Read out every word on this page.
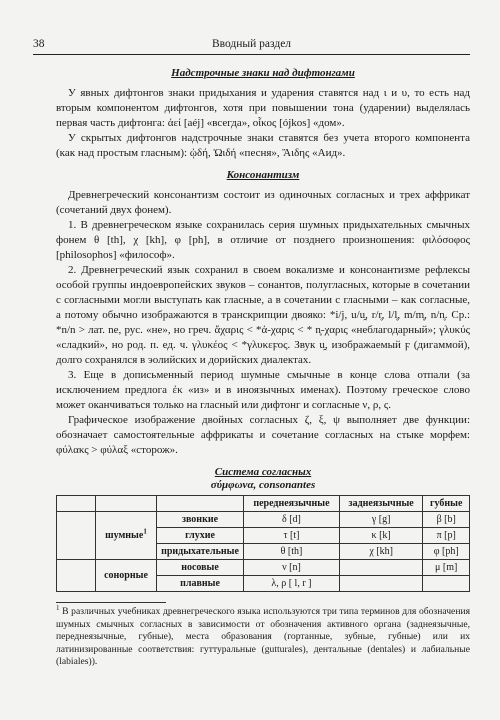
38	Вводный раздел
Надстрочные знаки над дифтонгами

У явных дифтонгов знаки придыхания и ударения ставятся над ι и υ, то есть над вторым компонентом дифтонгов, хотя при повышении тона (ударении) выделялась первая часть дифтонга: ἀεί [aéj] «всегда», οἶκος [ójkos] «дом».

У скрытых дифтонгов надстрочные знаки ставятся без учета второго компонента (как над простым гласным): ᾠδή, Ὠιδή «песня», Ἅιδης «Аид».

Консонантизм

Древнегреческий консонантизм состоит из одиночных согласных и трех аффрикат (сочетаний двух фонем).

1. В древнегреческом языке сохранилась серия шумных придыхательных смычных фонем θ [th], χ [kh], φ [ph], в отличие от позднего произношения: φιλόσοφος [philosophos] «философ».

2. Древнегреческий язык сохранил в своем вокализме и консонантизме рефлексы особой группы индоевропейских звуков – сонантов, полугласных, которые в сочетании с согласными могли выступать как гласные, а в сочетании с гласными – как согласные, а потому обычно изображаются в транскрипции двояко: *i/j, u/u̯, r/r̥, l/l̥, m/m̥, n/n̥. Ср.: *n/n > лат. ne, рус. «не», но греч. ἄχαρις < *ἀ-χαρις < * n̥-χαρις «неблагодарный»; γλυκύς «сладкий», но род. п. ед. ч. γλυκέος < *γλυκεϝος. Звук u̯, изображаемый ϝ (дигаммой), долго сохранялся в эолийских и дорийских диалектах.

3. Еще в дописьменный период шумные смычные в конце слова отпали (за исключением предлога ἐκ «из» и в иноязычных именах). Поэтому греческое слово может оканчиваться только на гласный или дифтонг и согласные ν, ρ, ς.

Графическое изображение двойных согласных ζ, ξ, ψ выполняет две функции: обозначает самостоятельные аффрикаты и сочетание согласных на стыке морфем: φύλακς > φύλαξ «сторож».

Система согласных
σύμφωνα, consonantes
			переднеязычные	заднеязычные	губные
	шумные$^1$	звонкие	δ [d]	γ [g]	β [b]
		глухие	τ [t]	κ [k]	π [p]
		придыхательные	θ [th]	χ [kh]	φ [ph]
	сонорные	носовые	ν [n]		μ [m]
		плавные	λ, ρ [ l, r ]		
$^1$ В различных учебниках древнегреческого языка используются три типа терминов для обозначения шумных смычных согласных в зависимости от обозначения активного органа (заднеязычные, переднеязычные, губные), места образования (гортанные, зубные, губные) или их латинизированные соответствия: гуттуральные (gutturales), дентальные (dentales) и лабиальные (labiales)).
